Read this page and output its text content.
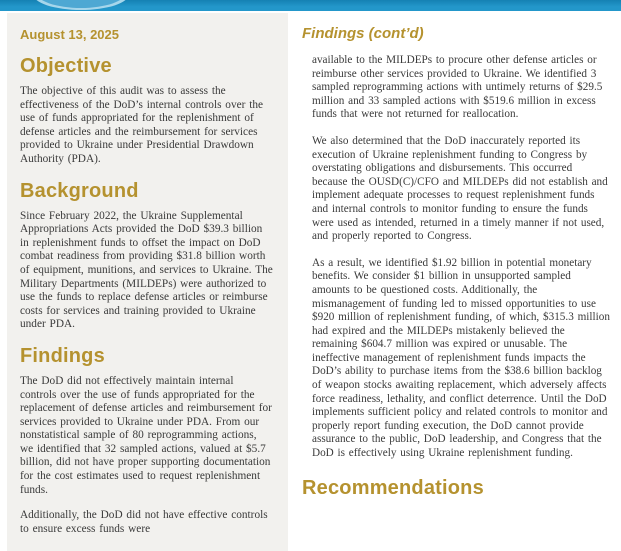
August 13, 2025
Objective

The objective of this audit was to assess the effectiveness of the DoD’s internal controls over the use of funds appropriated for the replenishment of defense articles and the reimbursement for services provided to Ukraine under Presidential Drawdown Authority (PDA).

Background

Since February 2022, the Ukraine Supplemental Appropriations Acts provided the DoD $39.3 billion in replenishment funds to offset the impact on DoD combat readiness from providing $31.8 billion worth of equipment, munitions, and services to Ukraine. The Military Departments (MILDEPs) were authorized to use the funds to replace defense articles or reimburse costs for services and training provided to Ukraine under PDA.

Findings

The DoD did not effectively maintain internal controls over the use of funds appropriated for the replacement of defense articles and reimbursement for services provided to Ukraine under PDA. From our nonstatistical sample of 80 reprogramming actions, we identified that 32 sampled actions, valued at $5.7 billion, did not have proper supporting documentation for the cost estimates used to request replenishment funds.

Additionally, the DoD did not have effective controls to ensure excess funds were

Findings (cont’d)

available to the MILDEPs to procure other defense articles or reimburse other services provided to Ukraine. We identified 3 sampled reprogramming actions with untimely returns of $29.5 million and 33 sampled actions with $519.6 million in excess funds that were not returned for reallocation.

We also determined that the DoD inaccurately reported its execution of Ukraine replenishment funding to Congress by overstating obligations and disbursements. This occurred because the OUSD(C)/CFO and MILDEPs did not establish and implement adequate processes to request replenishment funds and internal controls to monitor funding to ensure the funds were used as intended, returned in a timely manner if not used, and properly reported to Congress.

As a result, we identified $1.92 billion in potential monetary benefits. We consider $1 billion in unsupported sampled amounts to be questioned costs. Additionally, the mismanagement of funding led to missed opportunities to use $920 million of replenishment funding, of which, $315.3 million had expired and the MILDEPs mistakenly believed the remaining $604.7 million was expired or unusable. The ineffective management of replenishment funds impacts the DoD’s ability to purchase items from the $38.6 billion backlog of weapon stocks awaiting replacement, which adversely affects force readiness, lethality, and conflict deterrence. Until the DoD implements sufficient policy and related controls to monitor and properly report funding execution, the DoD cannot provide assurance to the public, DoD leadership, and Congress that the DoD is effectively using Ukraine replenishment funding.

Recommendations
